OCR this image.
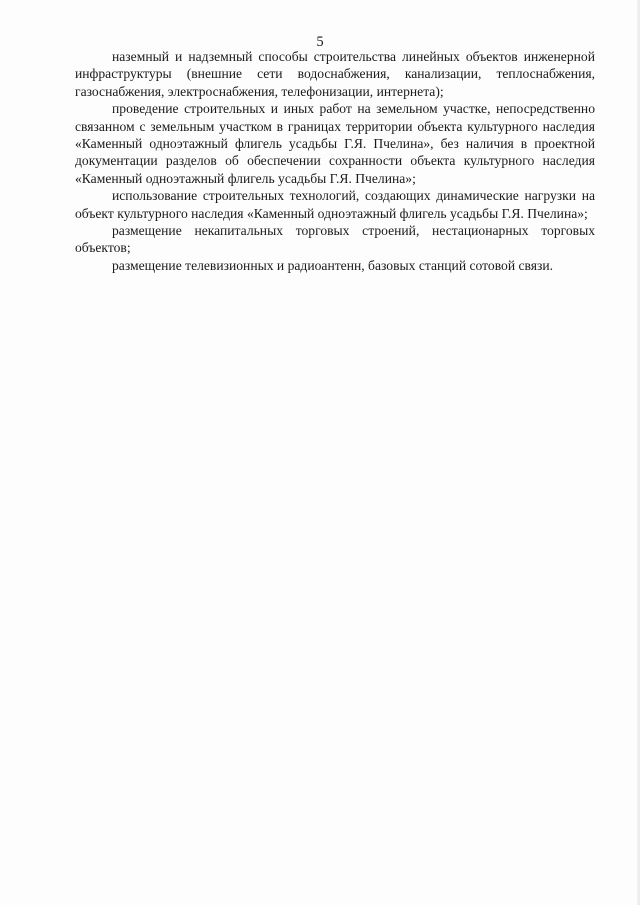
5

наземный и надземный способы строительства линейных объектов инженерной инфраструктуры (внешние сети водоснабжения, канализации, теплоснабжения, газоснабжения, электроснабжения, телефонизации, интернета);

проведение строительных и иных работ на земельном участке, непосредственно связанном с земельным участком в границах территории объекта культурного наследия «Каменный одноэтажный флигель усадьбы Г.Я. Пчелина», без наличия в проектной документации разделов об обеспечении сохранности объекта культурного наследия «Каменный одноэтажный флигель усадьбы Г.Я. Пчелина»;

использование строительных технологий, создающих динамические нагрузки на объект культурного наследия «Каменный одноэтажный флигель усадьбы Г.Я. Пчелина»;

размещение некапитальных торговых строений, нестационарных торговых объектов;

размещение телевизионных и радиоантенн, базовых станций сотовой связи.
